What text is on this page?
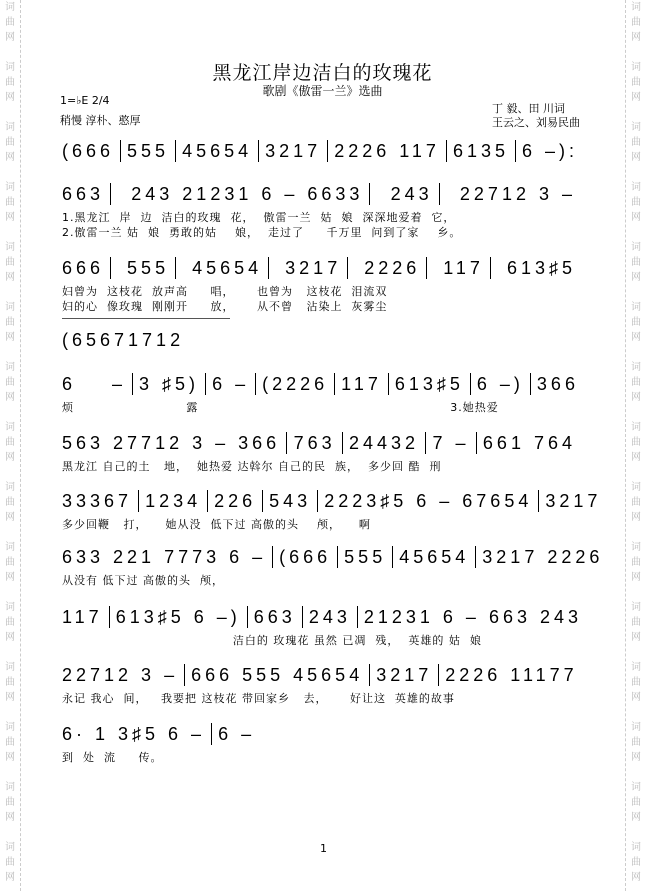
词
曲
网
词
曲
网
词
曲
网
词
曲
网
词
曲
网
词
曲
网
词
曲
网
词
曲
网
词
曲
网
词
曲
网
词
曲
网
词
曲
网
词
曲
网
词
曲
网
词
曲
网
词
曲
网
词
曲
网
词
曲
网
词
曲
网
词
曲
网
词
曲
网
词
曲
网
词
曲
网
词
曲
网
词
曲
网
词
曲
网
词
曲
网
词
曲
网
词
曲
网
词
曲
网
黑龙江岸边洁白的玫瑰花
歌剧《傲雷一兰》选曲
1=♭E 2/4
稍慢 淳朴、憨厚
丁 毅、田 川词
王云之、刘易民曲
(666 555 45654 3217 2226 117 6135 6 –):
663	243 21231 6 – 6633	243	22712 3 –
1.黑龙江  岸  边  洁白的玫瑰  花，  傲雷一兰  姑  娘  深深地爱着  它，
2.傲雷一兰 姑  娘  勇敢的姑    娘，  走过了     千万里  问到了家    乡。
666	555	45654	3217	2226	117	613♯5
妇曾为  这枝花  放声高     唱，     也曾为   这枝花  泪流双
妇的心  像玫瑰  刚刚开     放，     从不曾   沾染上  灰雾尘
(65671712
6    – 3 ♯5) 6 – (2226 117 613♯5 6 –) 366
烦                         露                                                        3.她热爱
563 27712 3 – 366 763 24432 7 – 661 764
黑龙江 自己的土   地，  她热爱 达斡尔 自己的民  族，  多少回 酷  刑
33367 1234 226 543 2223♯5 6 – 67654 3217
多少回鞭   打，    她从没  低下过 高傲的头    颅，    啊
633 221 7773 6 – (666 555 45654 3217 2226
从没有 低下过 高傲的头  颅，
117 613♯5 6 –) 663 243 21231 6 – 663 243
洁白的 玫瑰花 虽然 已凋  残，  英雄的 姑  娘
22712 3 – 666 555 45654 3217 2226 11177
永记 我心  间，   我要把 这枝花 带回家乡   去，     好让这  英雄的故事
6· 1 3♯5 6 – 6 –
到  处  流     传。
1
